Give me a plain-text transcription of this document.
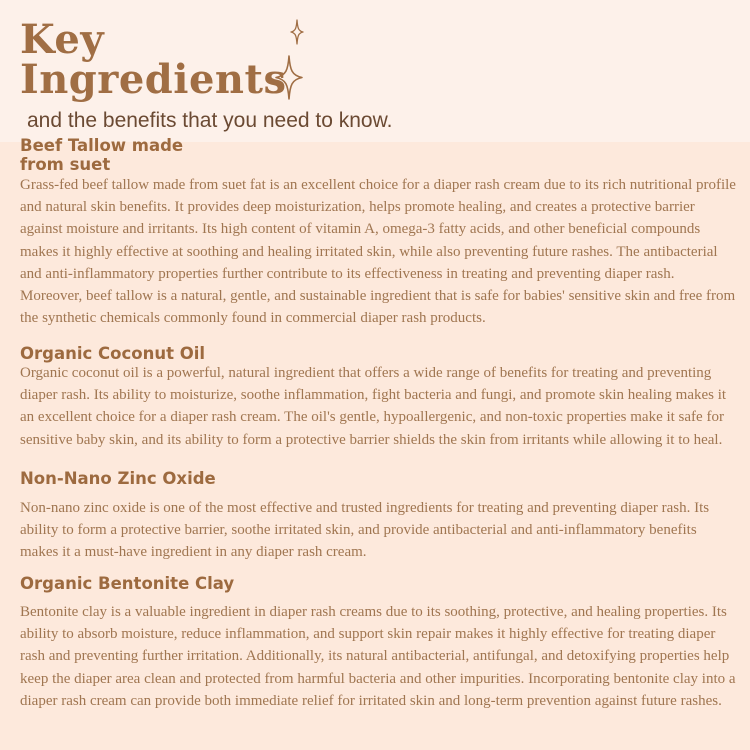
Key
Ingredients

and the benefits that you need to know.

Beef Tallow made from suet

Grass-fed beef tallow made from suet fat is an excellent choice for a diaper rash cream due to its rich nutritional profile and natural skin benefits. It provides deep moisturization, helps promote healing, and creates a protective barrier against moisture and irritants. Its high content of vitamin A, omega-3 fatty acids, and other beneficial compounds makes it highly effective at soothing and healing irritated skin, while also preventing future rashes. The antibacterial and anti-inflammatory properties further contribute to its effectiveness in treating and preventing diaper rash. Moreover, beef tallow is a natural, gentle, and sustainable ingredient that is safe for babies' sensitive skin and free from the synthetic chemicals commonly found in commercial diaper rash products.

Organic Coconut Oil

Organic coconut oil is a powerful, natural ingredient that offers a wide range of benefits for treating and preventing diaper rash. Its ability to moisturize, soothe inflammation, fight bacteria and fungi, and promote skin healing makes it an excellent choice for a diaper rash cream. The oil's gentle, hypoallergenic, and non-toxic properties make it safe for sensitive baby skin, and its ability to form a protective barrier shields the skin from irritants while allowing it to heal.

Non-Nano Zinc Oxide

Non-nano zinc oxide is one of the most effective and trusted ingredients for treating and preventing diaper rash. Its ability to form a protective barrier, soothe irritated skin, and provide antibacterial and anti-inflammatory benefits makes it a must-have ingredient in any diaper rash cream.

Organic Bentonite Clay

Bentonite clay is a valuable ingredient in diaper rash creams due to its soothing, protective, and healing properties. Its ability to absorb moisture, reduce inflammation, and support skin repair makes it highly effective for treating diaper rash and preventing further irritation. Additionally, its natural antibacterial, antifungal, and detoxifying properties help keep the diaper area clean and protected from harmful bacteria and other impurities. Incorporating bentonite clay into a diaper rash cream can provide both immediate relief for irritated skin and long-term prevention against future rashes.
